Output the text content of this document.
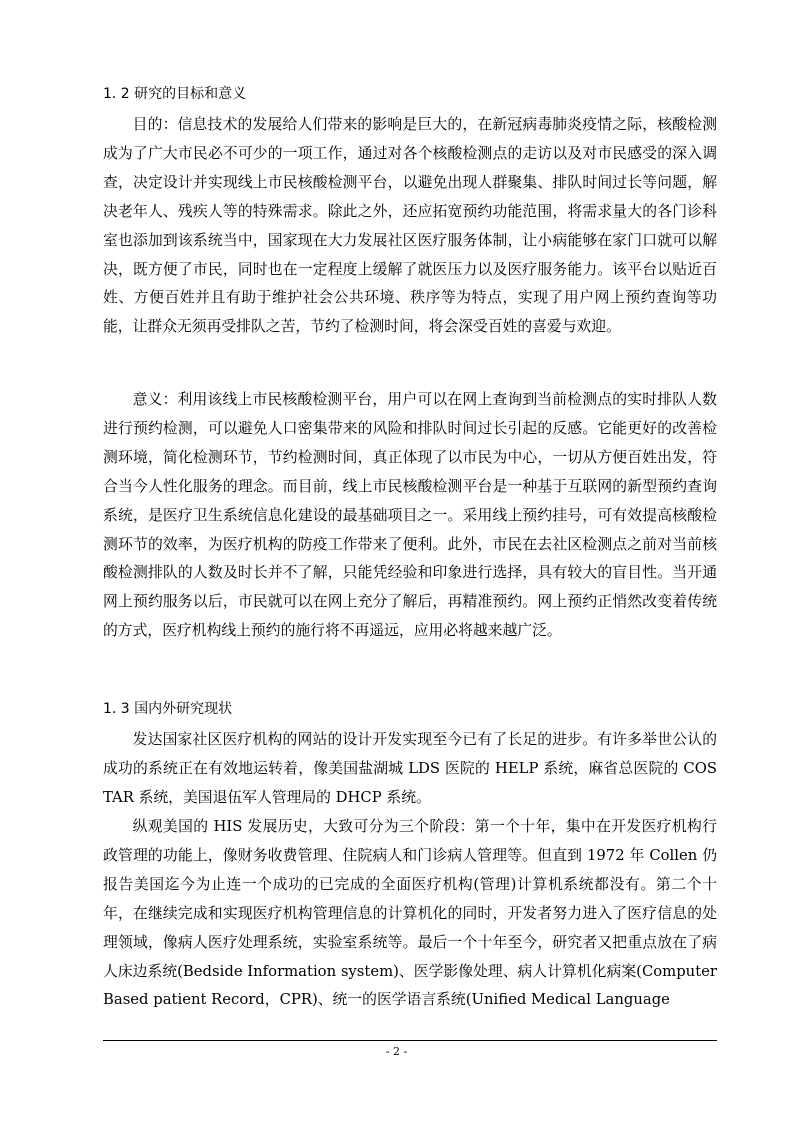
1. 2 研究的目标和意义

目的：信息技术的发展给人们带来的影响是巨大的，在新冠病毒肺炎疫情之际，核酸检测成为了广大市民必不可少的一项工作，通过对各个核酸检测点的走访以及对市民感受的深入调查，决定设计并实现线上市民核酸检测平台，以避免出现人群聚集、排队时间过长等问题，解决老年人、残疾人等的特殊需求。除此之外，还应拓宽预约功能范围，将需求量大的各门诊科室也添加到该系统当中，国家现在大力发展社区医疗服务体制，让小病能够在家门口就可以解决，既方便了市民，同时也在一定程度上缓解了就医压力以及医疗服务能力。该平台以贴近百姓、方便百姓并且有助于维护社会公共环境、秩序等为特点，实现了用户网上预约查询等功能，让群众无须再受排队之苦，节约了检测时间，将会深受百姓的喜爱与欢迎。

意义：利用该线上市民核酸检测平台，用户可以在网上查询到当前检测点的实时排队人数进行预约检测，可以避免人口密集带来的风险和排队时间过长引起的反感。它能更好的改善检测环境，简化检测环节，节约检测时间，真正体现了以市民为中心，一切从方便百姓出发，符合当今人性化服务的理念。而目前，线上市民核酸检测平台是一种基于互联网的新型预约查询系统，是医疗卫生系统信息化建设的最基础项目之一。采用线上预约挂号，可有效提高核酸检测环节的效率，为医疗机构的防疫工作带来了便利。此外，市民在去社区检测点之前对当前核酸检测排队的人数及时长并不了解，只能凭经验和印象进行选择，具有较大的盲目性。当开通网上预约服务以后，市民就可以在网上充分了解后，再精准预约。网上预约正悄然改变着传统的方式，医疗机构线上预约的施行将不再遥远，应用必将越来越广泛。

1. 3 国内外研究现状

发达国家社区医疗机构的网站的设计开发实现至今已有了长足的进步。有许多举世公认的成功的系统正在有效地运转着，像美国盐湖城 LDS 医院的 HELP 系统，麻省总医院的 COSTAR 系统，美国退伍军人管理局的 DHCP 系统。

纵观美国的 HIS 发展历史，大致可分为三个阶段：第一个十年，集中在开发医疗机构行政管理的功能上，像财务收费管理、住院病人和门诊病人管理等。但直到 1972 年 Collen 仍报告美国迄今为止连一个成功的已完成的全面医疗机构(管理)计算机系统都没有。第二个十年，在继续完成和实现医疗机构管理信息的计算机化的同时，开发者努力进入了医疗信息的处理领域，像病人医疗处理系统，实验室系统等。最后一个十年至今，研究者又把重点放在了病人床边系统(Bedside Information system)、医学影像处理、病人计算机化病案(Computer Based patient Record，CPR)、统一的医学语言系统(Unified Medical Language

- 2 -
